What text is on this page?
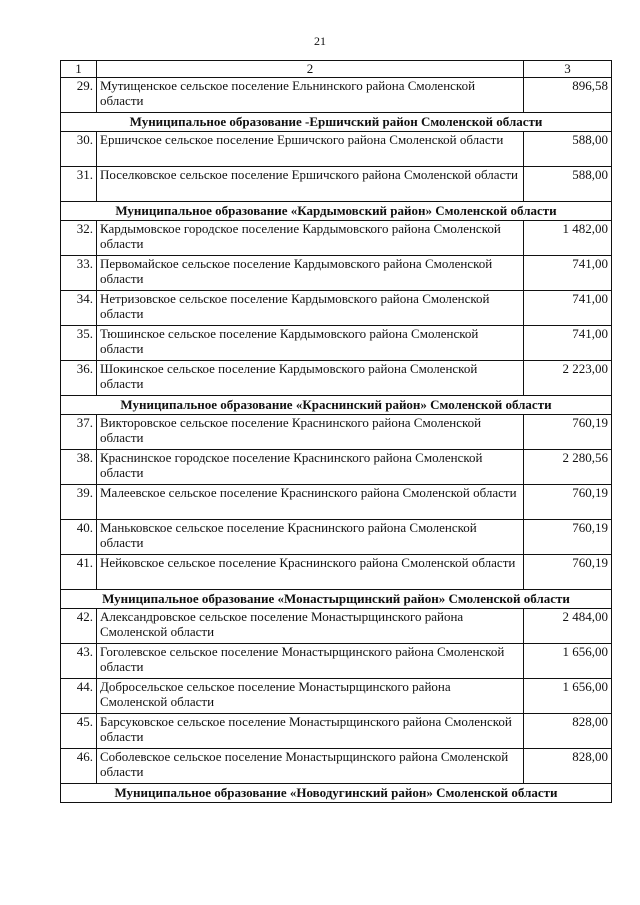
21
1	2	3
29.	Мутищенское сельское поселение Ельнинского района Смоленской области	896,58
Муниципальное образование -Ершичский район Смоленской области		
30.	Ершичское сельское поселение Ершичского района Смоленской области	588,00
31.	Поселковское сельское поселение Ершичского района Смоленской области	588,00
Муниципальное образование «Кардымовский район» Смоленской области		
32.	Кардымовское городское поселение Кардымовского района Смоленской области	1 482,00
33.	Первомайское сельское поселение Кардымовского района Смоленской области	741,00
34.	Нетризовское сельское поселение Кардымовского района Смоленской области	741,00
35.	Тюшинское сельское поселение Кардымовского района Смоленской области	741,00
36.	Шокинское сельское поселение Кардымовского района Смоленской области	2 223,00
Муниципальное образование «Краснинский район» Смоленской области		
37.	Викторовское сельское поселение Краснинского района Смоленской области	760,19
38.	Краснинское городское поселение Краснинского района Смоленской области	2 280,56
39.	Малеевское сельское поселение Краснинского района Смоленской области	760,19
40.	Маньковское сельское поселение Краснинского района Смоленской области	760,19
41.	Нейковское сельское поселение Краснинского района Смоленской области	760,19
Муниципальное образование «Монастырщинский район» Смоленской области		
42.	Александровское сельское поселение Монастырщинского района Смоленской области	2 484,00
43.	Гоголевское сельское поселение Монастырщинского района Смоленской области	1 656,00
44.	Добросельское сельское поселение Монастырщинского района Смоленской области	1 656,00
45.	Барсуковское сельское поселение Монастырщинского района Смоленской области	828,00
46.	Соболевское сельское поселение Монастырщинского района Смоленской области	828,00
Муниципальное образование «Новодугинский район» Смоленской области		
